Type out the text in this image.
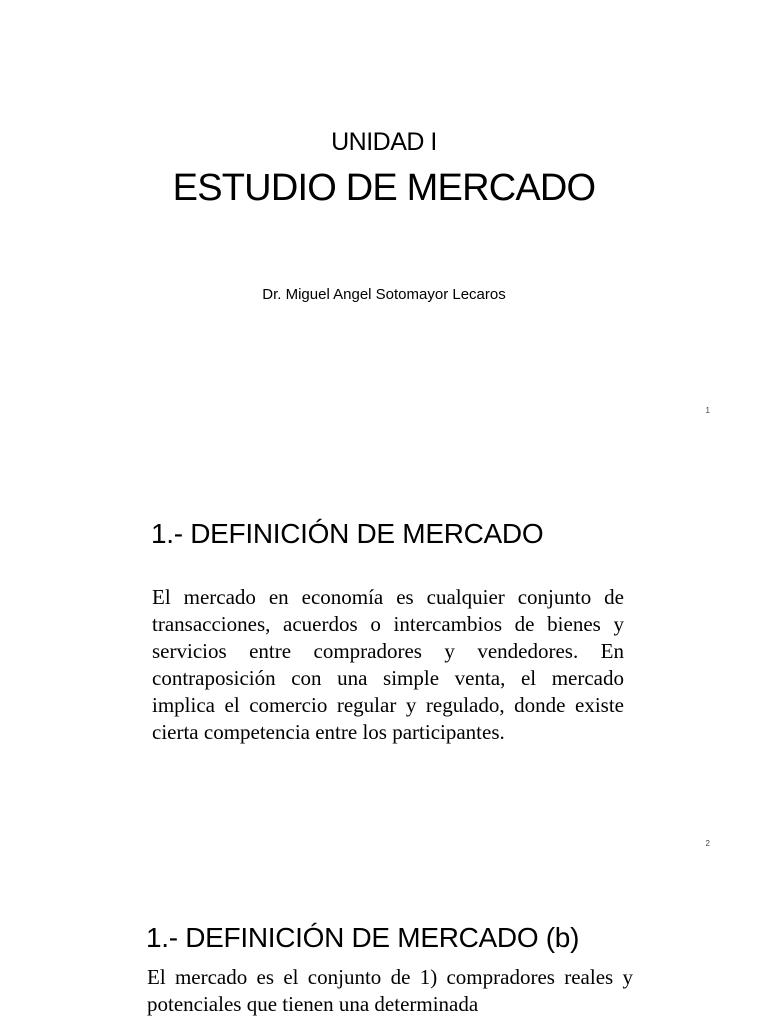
UNIDAD I
ESTUDIO DE MERCADO
Dr. Miguel Angel Sotomayor Lecaros
1
1.- DEFINICIÓN DE MERCADO
El mercado en economía es cualquier conjunto de transacciones, acuerdos o intercambios de bienes y servicios entre compradores y vendedores. En contraposición con una simple venta, el mercado implica el comercio regular y regulado, donde existe cierta competencia entre los participantes.
2
1.- DEFINICIÓN DE MERCADO (b)
El mercado es el conjunto de 1) compradores reales y potenciales que tienen una determinada
